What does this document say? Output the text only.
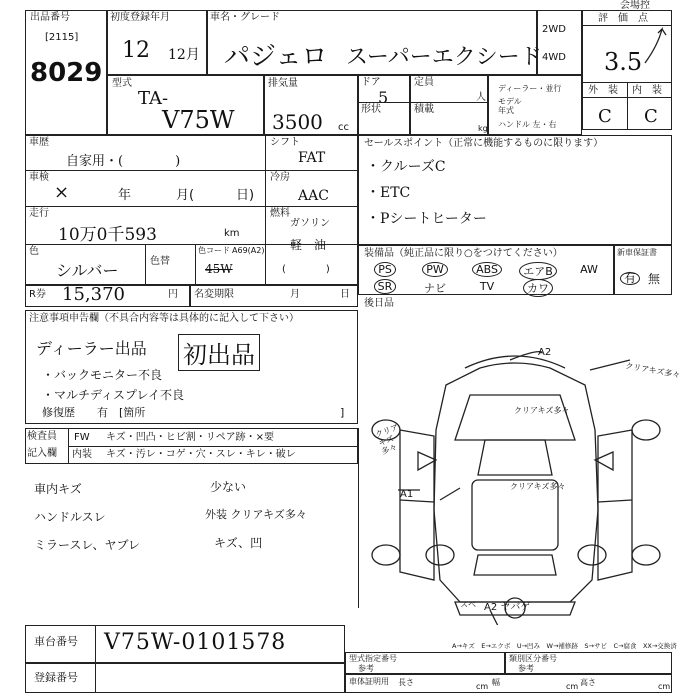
出品番号
[2115]
8029
会場控
初度登録年月
12 12月
車名・グレード
パジェロ スーパーエクシード
2WD
4WD
評　価　点
3.5
外　装 内　装
C C
型式
TA-
V75W
排気量
3500 cc
ドア
5
形状
定員
人
積載
kg
ディーラー・並行
モデル年式
ハンドル 左・右
車歴
自家用・(　　　　)
車検
×	年	月(	日)
走行
10万0千593	km
色
シルバー	色替
色コード A69(A2)
45W
シフト
FAT
冷房
AAC
燃料
ガソリン
軽　油
(　　　　)
R券 15,370	円 名変期限	月	日
セールスポイント（正常に機能するものに限ります）
・クルーズC
・ETC
・Pシートヒーター
装備品（純正品に限り○をつけてください）	新車保証書
有 無
PS	PW	ABS	エアB	AW
SR	ナビ	TV	カワ
後日品
注意事項申告欄（不具合内容等は具体的に記入して下さい）
ディーラー出品 初出品
・バックモニター不良
・マルチディスプレイ不良
修復歴　　有　[箇所	]
検査員
記入欄
FW キズ・凹凸・ヒビ割・リペア跡・×要
内装 キズ・汚レ・コゲ・穴・スレ・キレ・破レ
車内キズ	少ない
ハンドルスレ	外装 クリアキズ多々
ミラースレ、ヤブレ	キズ、凹
A2
クリアキズ多々
クリアキズ多々
クリアキズ多々
A1
クリアキズ多々
A2 ヤバゲ
スベ
A→キズ　E→エクボ　U→凹み　W→補修跡　S→サビ　C→腐食　XX→交換済
車台番号 V75W-0101578
登録番号
型式指定番号
参考
類別区分番号
参考
車体証明用 長さ	cm 幅	cm 高さ	cm
